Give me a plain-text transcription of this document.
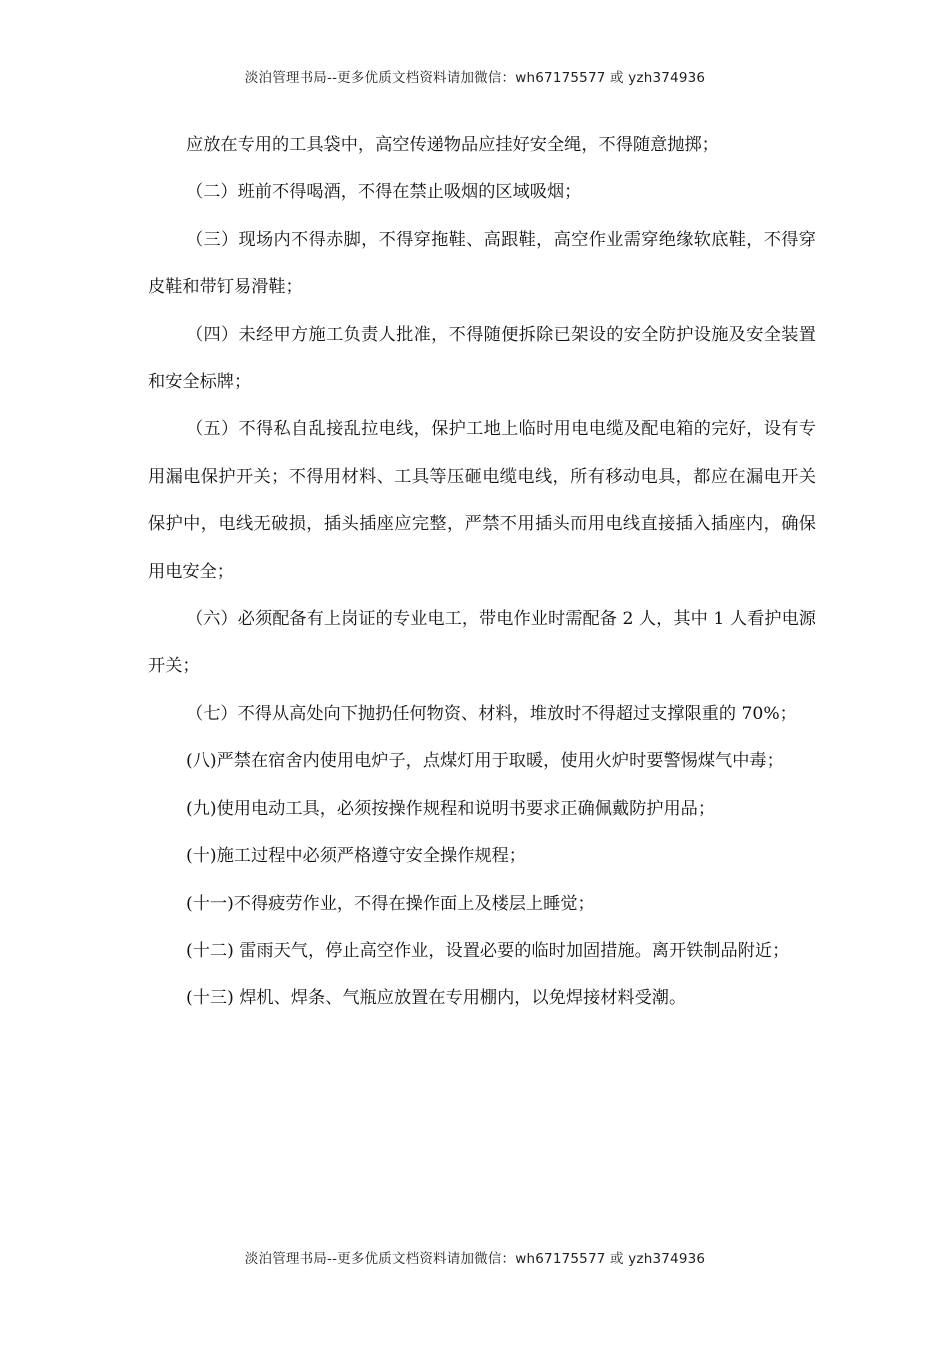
淡泊管理书局--更多优质文档资料请加微信：wh67175577 或 yzh374936

应放在专用的工具袋中，高空传递物品应挂好安全绳，不得随意抛掷；

（二）班前不得喝酒，不得在禁止吸烟的区域吸烟；

（三）现场内不得赤脚，不得穿拖鞋、高跟鞋，高空作业需穿绝缘软底鞋，不得穿皮鞋和带钉易滑鞋；

（四）未经甲方施工负责人批准，不得随便拆除已架设的安全防护设施及安全装置和安全标牌；

（五）不得私自乱接乱拉电线，保护工地上临时用电电缆及配电箱的完好，设有专用漏电保护开关；不得用材料、工具等压砸电缆电线，所有移动电具，都应在漏电开关保护中，电线无破损，插头插座应完整，严禁不用插头而用电线直接插入插座内，确保用电安全；

（六）必须配备有上岗证的专业电工，带电作业时需配备 2 人，其中 1 人看护电源开关；

（七）不得从高处向下抛扔任何物资、材料，堆放时不得超过支撑限重的 70%；

(八)严禁在宿舍内使用电炉子，点煤灯用于取暖，使用火炉时要警惕煤气中毒；

(九)使用电动工具，必须按操作规程和说明书要求正确佩戴防护用品；

(十)施工过程中必须严格遵守安全操作规程；

(十一)不得疲劳作业，不得在操作面上及楼层上睡觉；

(十二) 雷雨天气，停止高空作业，设置必要的临时加固措施。离开铁制品附近；

(十三) 焊机、焊条、气瓶应放置在专用棚内，以免焊接材料受潮。

淡泊管理书局--更多优质文档资料请加微信：wh67175577 或 yzh374936
